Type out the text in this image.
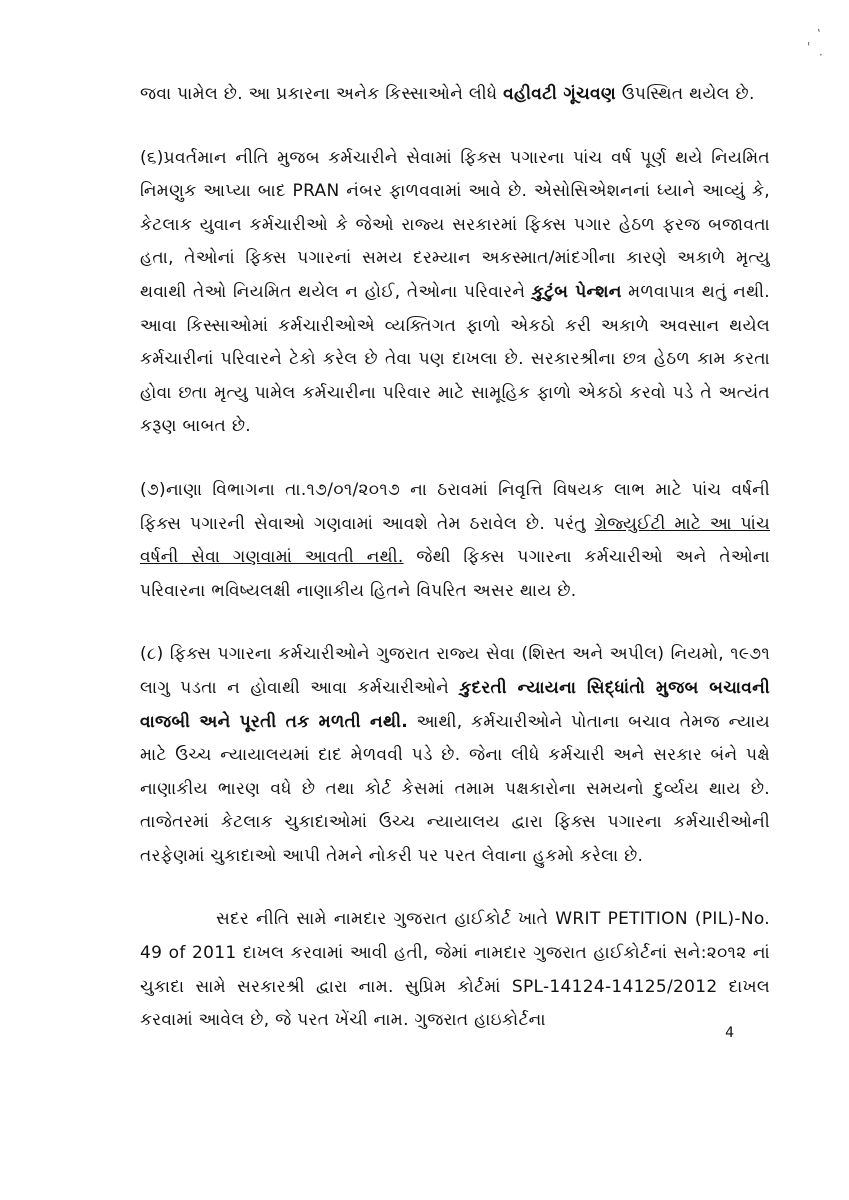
‚
'
·

જવા પામેલ છે. આ પ્રકારના અનેક કિસ્સાઓને લીધે વહીવટી ગૂંચવણ ઉપસ્થિત થયેલ છે.

(૬)પ્રવર્તમાન નીતિ મુજબ કર્મચારીને સેવામાં ફિક્સ પગારના પાંચ વર્ષ પૂર્ણ થયે નિયમિત નિમણુક આપ્યા બાદ PRAN નંબર ફાળવવામાં આવે છે. એસોસિએશનનાં ધ્યાને આવ્યું કે, કેટલાક યુવાન કર્મચારીઓ કે જેઓ રાજ્ય સરકારમાં ફિક્સ પગાર હેઠળ ફરજ બજાવતા હતા, તેઓનાં ફિક્સ પગારનાં સમય દરમ્યાન અકસ્માત/માંદગીના કારણે અકાળે મૃત્યુ થવાથી તેઓ નિયમિત થયેલ ન હોઈ, તેઓના પરિવારને કુટુંબ પેન્શન મળવાપાત્ર થતું નથી. આવા કિસ્સાઓમાં કર્મચારીઓએ વ્યક્તિગત ફાળો એકઠો કરી અકાળે અવસાન થયેલ કર્મચારીનાં પરિવારને ટેકો કરેલ છે તેવા પણ દાખલા છે. સરકારશ્રીના છત્ર હેઠળ કામ કરતા હોવા છતા મૃત્યુ પામેલ કર્મચારીના પરિવાર માટે સામૂહિક ફાળો એકઠો કરવો પડે તે અત્યંત કરૂણ બાબત છે.

(૭)નાણા વિભાગના તા.૧૭/૦૧/૨૦૧૭ ના ઠરાવમાં નિવૃત્તિ વિષયક લાભ માટે પાંચ વર્ષની ફિક્સ પગારની સેવાઓ ગણવામાં આવશે તેમ ઠરાવેલ છે. પરંતુ ગ્રેજ્યુઈટી માટે આ પાંચ વર્ષની સેવા ગણવામાં આવતી નથી. જેથી ફિક્સ પગારના કર્મચારીઓ અને તેઓના પરિવારના ભવિષ્યલક્ષી નાણાકીય હિતને વિપરિત અસર થાય છે.

(૮) ફિક્સ પગારના કર્મચારીઓને ગુજરાત રાજ્ય સેવા (શિસ્ત અને અપીલ) નિયમો, ૧૯૭૧ લાગુ પડતા ન હોવાથી આવા કર્મચારીઓને કુદરતી ન્યાયના સિદ્ધાંતો મુજબ બચાવની વાજબી અને પૂરતી તક મળતી નથી. આથી, કર્મચારીઓને પોતાના બચાવ તેમજ ન્યાય માટે ઉચ્ચ ન્યાયાલયમાં દાદ મેળવવી પડે છે. જેના લીધે કર્મચારી અને સરકાર બંને પક્ષે નાણાકીય ભારણ વધે છે તથા કોર્ટ કેસમાં તમામ પક્ષકારોના સમયનો દુર્વ્યય થાય છે. તાજેતરમાં કેટલાક ચુકાદાઓમાં ઉચ્ચ ન્યાયાલય દ્વારા ફિક્સ પગારના કર્મચારીઓની તરફેણમાં ચુકાદાઓ આપી તેમને નોકરી પર પરત લેવાના હુકમો કરેલા છે.

સદર નીતિ સામે નામદાર ગુજરાત હાઈકોર્ટ ખાતે WRIT PETITION (PIL)-No. 49 of 2011 દાખલ કરવામાં આવી હતી, જેમાં નામદાર ગુજરાત હાઈકોર્ટનાં સને:૨૦૧૨ નાં ચુકાદા સામે સરકારશ્રી દ્વારા નામ. સુપ્રિમ કોર્ટમાં SPL-14124-14125/2012 દાખલ કરવામાં આવેલ છે, જે પરત ખેંચી નામ. ગુજરાત હાઇકોર્ટના

4
